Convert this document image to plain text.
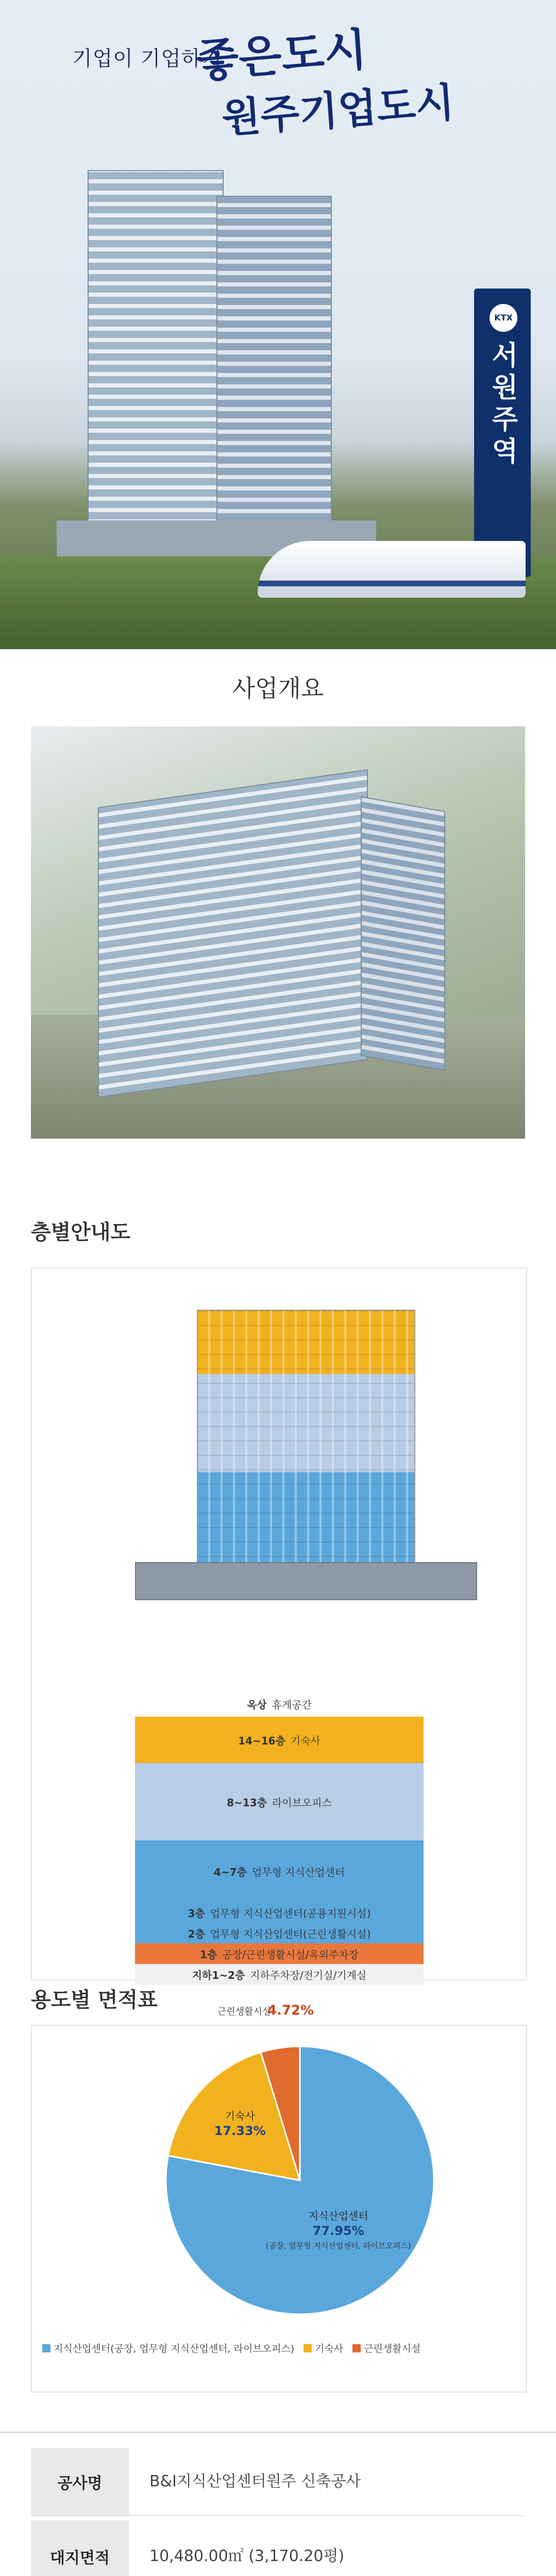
기업이 기업하기
좋은도시
원주기업도시
KTX
서원주역
사업개요
층별안내도
옥상 휴게공간
14~16층 기숙사
8~13층 라이브오피스
4~7층 업무형 지식산업센터
3층 업무형 지식산업센터(공용지원시설)
2층 업무형 지식산업센터(근린생활시설)
1층 공장/근린생활시설/옥외주차장
지하1~2층 지하주차장/전기실/기계실
용도별 면적표
지식산업센터
77.95%
(공장, 업무형 지식산업센터, 라이브오피스)
기숙사
17.33%
근린생활시설
4.72%
지식산업센터(공장, 업무형 지식산업센터, 라이브오피스) 기숙사 근린생활시설
공사명	B&I지식산업센터원주 신축공사
대지면적	10,480.00㎡ (3,170.20평)
